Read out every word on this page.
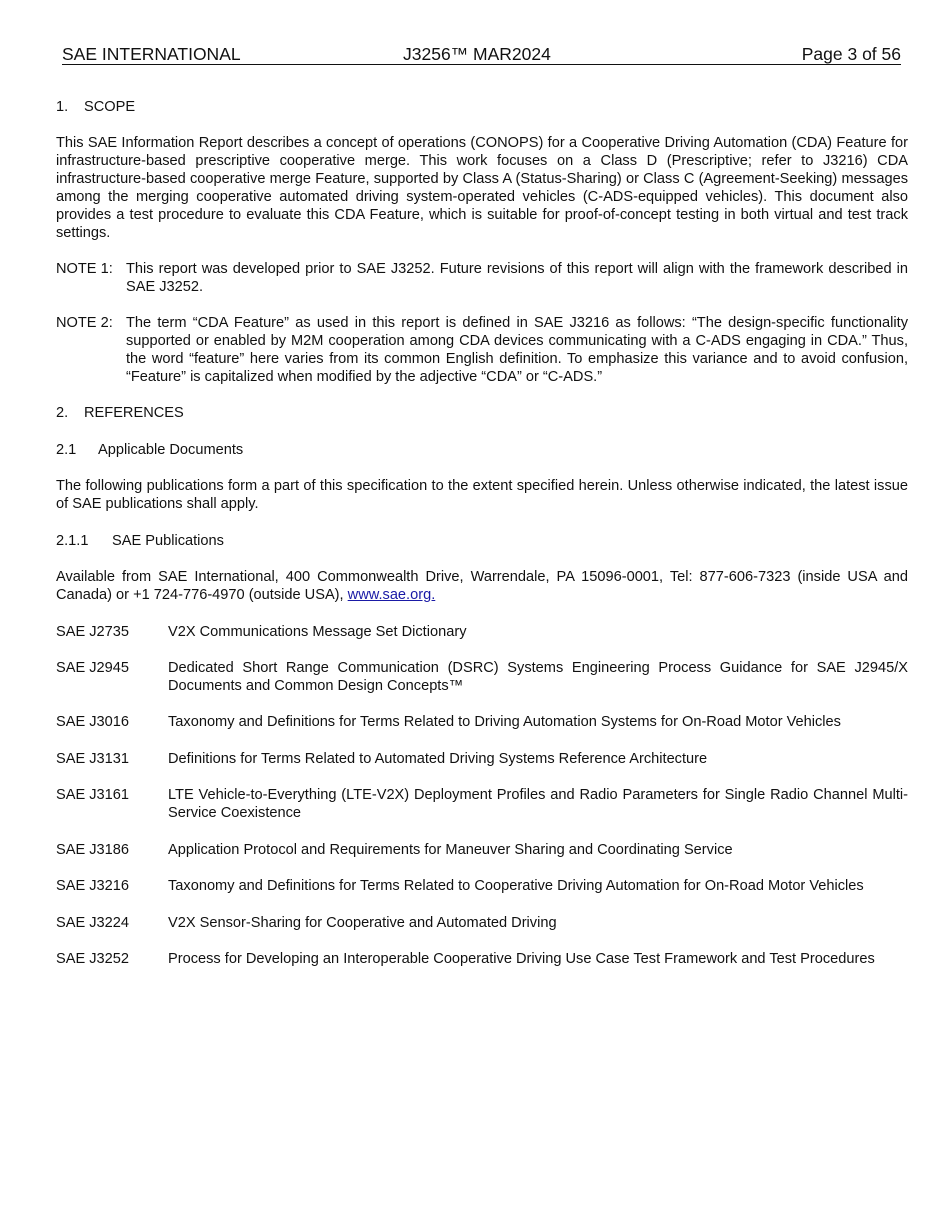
SAE INTERNATIONAL	J3256™ MAR2024	Page 3 of 56
1. SCOPE

This SAE Information Report describes a concept of operations (CONOPS) for a Cooperative Driving Automation (CDA) Feature for infrastructure-based prescriptive cooperative merge. This work focuses on a Class D (Prescriptive; refer to J3216) CDA infrastructure-based cooperative merge Feature, supported by Class A (Status-Sharing) or Class C (Agreement-Seeking) messages among the merging cooperative automated driving system-operated vehicles (C-ADS-equipped vehicles). This document also provides a test procedure to evaluate this CDA Feature, which is suitable for proof-of-concept testing in both virtual and test track settings.

NOTE 1: This report was developed prior to SAE J3252. Future revisions of this report will align with the framework described in SAE J3252.
NOTE 2: The term “CDA Feature” as used in this report is defined in SAE J3216 as follows: “The design-specific functionality supported or enabled by M2M cooperation among CDA devices communicating with a C-ADS engaging in CDA.” Thus, the word “feature” here varies from its common English definition. To emphasize this variance and to avoid confusion, “Feature” is capitalized when modified by the adjective “CDA” or “C-ADS.”
2. REFERENCES
2.1 Applicable Documents

The following publications form a part of this specification to the extent specified herein. Unless otherwise indicated, the latest issue of SAE publications shall apply.

2.1.1 SAE Publications

Available from SAE International, 400 Commonwealth Drive, Warrendale, PA 15096-0001, Tel: 877-606-7323 (inside USA and Canada) or +1 724-776-4970 (outside USA), www.sae.org.

SAE J2735	V2X Communications Message Set Dictionary
SAE J2945	Dedicated Short Range Communication (DSRC) Systems Engineering Process Guidance for SAE J2945/X Documents and Common Design Concepts™
SAE J3016	Taxonomy and Definitions for Terms Related to Driving Automation Systems for On-Road Motor Vehicles
SAE J3131	Definitions for Terms Related to Automated Driving Systems Reference Architecture
SAE J3161	LTE Vehicle-to-Everything (LTE-V2X) Deployment Profiles and Radio Parameters for Single Radio Channel Multi-Service Coexistence
SAE J3186	Application Protocol and Requirements for Maneuver Sharing and Coordinating Service
SAE J3216	Taxonomy and Definitions for Terms Related to Cooperative Driving Automation for On-Road Motor Vehicles
SAE J3224	V2X Sensor-Sharing for Cooperative and Automated Driving
SAE J3252	Process for Developing an Interoperable Cooperative Driving Use Case Test Framework and Test Procedures
